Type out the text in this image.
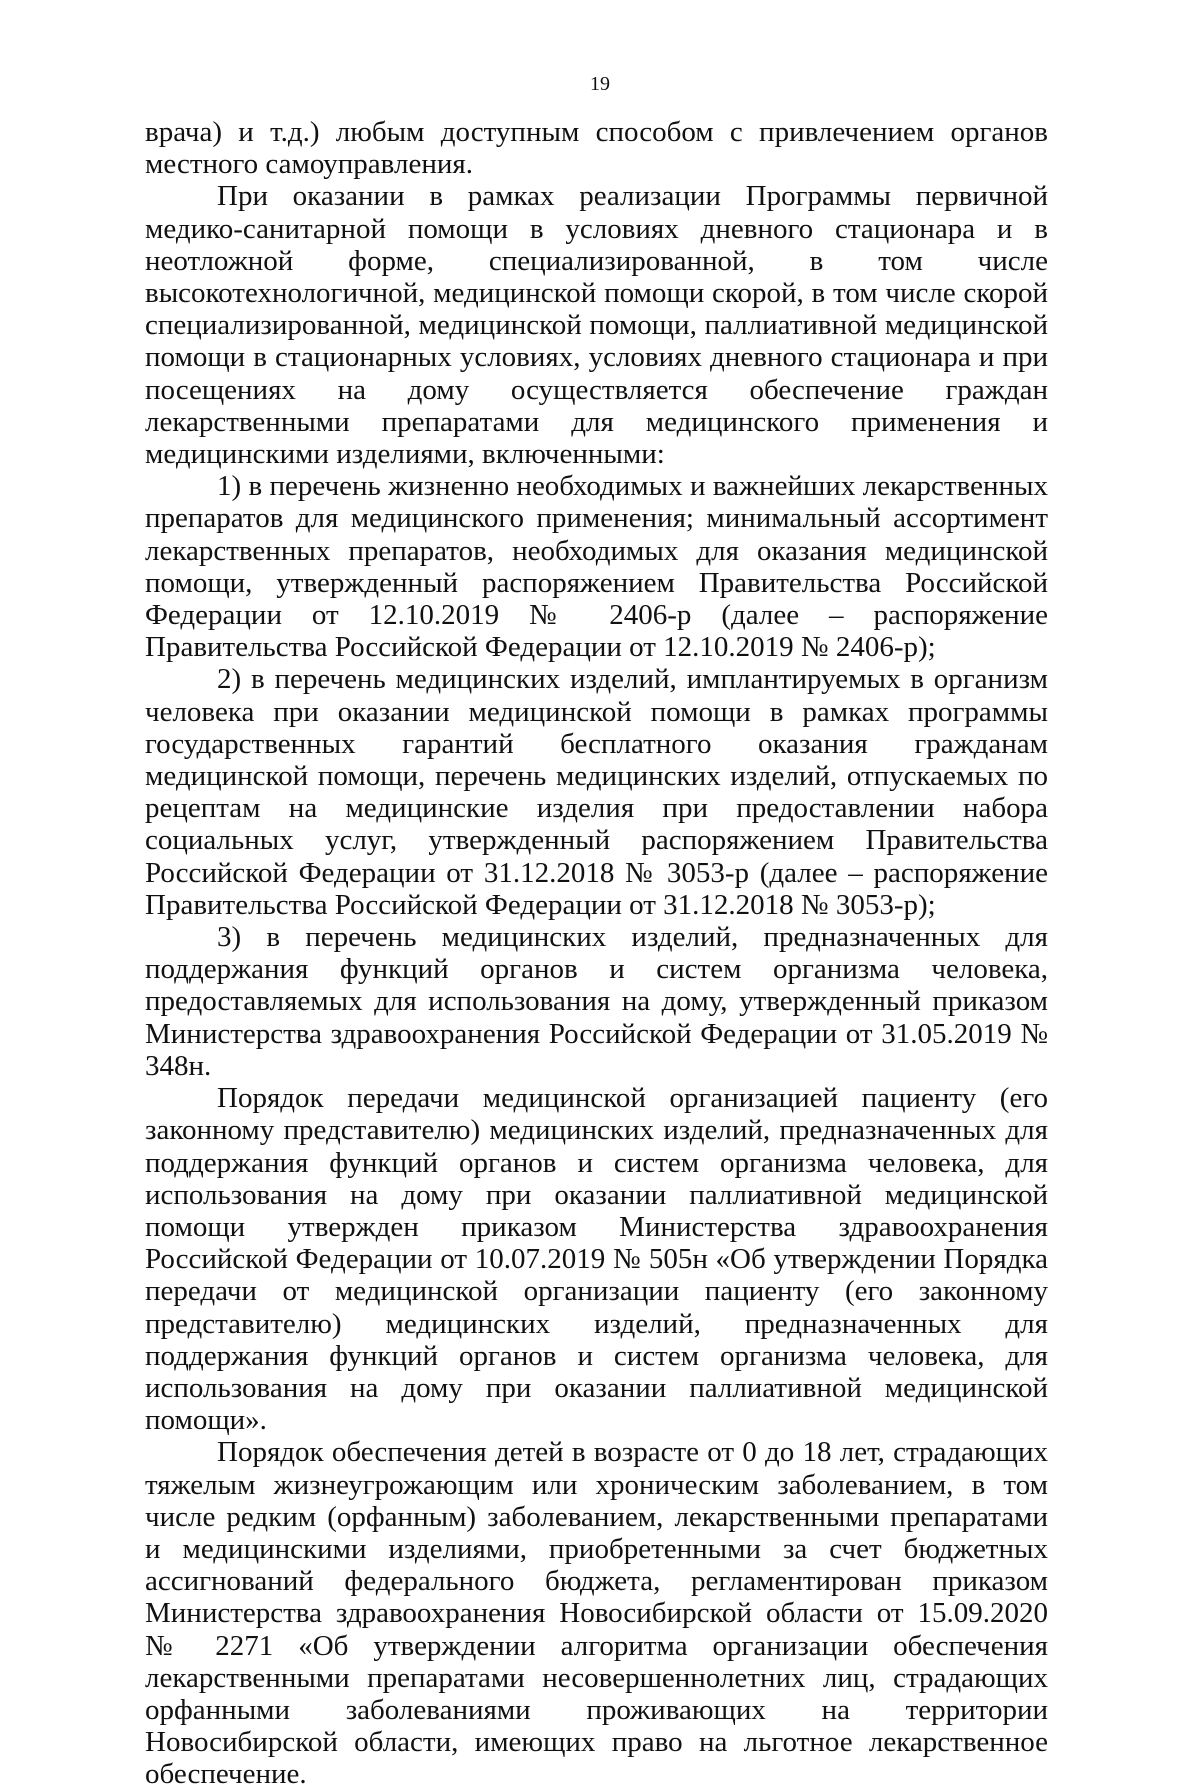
19

врача) и т.д.) любым доступным способом с привлечением органов местного самоуправления.

При оказании в рамках реализации Программы первичной медико-санитарной помощи в условиях дневного стационара и в неотложной форме, специализированной, в том числе высокотехнологичной, медицинской помощи скорой, в том числе скорой специализированной, медицинской помощи, паллиативной медицинской помощи в стационарных условиях, условиях дневного стационара и при посещениях на дому осуществляется обеспечение граждан лекарственными препаратами для медицинского применения и медицинскими изделиями, включенными:

1) в перечень жизненно необходимых и важнейших лекарственных препаратов для медицинского применения; минимальный ассортимент лекарственных препаратов, необходимых для оказания медицинской помощи, утвержденный распоряжением Правительства Российской Федерации от 12.10.2019 № 2406-р (далее – распоряжение Правительства Российской Федерации от 12.10.2019 № 2406-р);

2) в перечень медицинских изделий, имплантируемых в организм человека при оказании медицинской помощи в рамках программы государственных гарантий бесплатного оказания гражданам медицинской помощи, перечень медицинских изделий, отпускаемых по рецептам на медицинские изделия при предоставлении набора социальных услуг, утвержденный распоряжением Правительства Российской Федерации от 31.12.2018 № 3053-р (далее – распоряжение Правительства Российской Федерации от 31.12.2018 № 3053-р);

3) в перечень медицинских изделий, предназначенных для поддержания функций органов и систем организма человека, предоставляемых для использования на дому, утвержденный приказом Министерства здравоохранения Российской Федерации от 31.05.2019 № 348н.

Порядок передачи медицинской организацией пациенту (его законному представителю) медицинских изделий, предназначенных для поддержания функций органов и систем организма человека, для использования на дому при оказании паллиативной медицинской помощи утвержден приказом Министерства здравоохранения Российской Федерации от 10.07.2019 № 505н «Об утверждении Порядка передачи от медицинской организации пациенту (его законному представителю) медицинских изделий, предназначенных для поддержания функций органов и систем организма человека, для использования на дому при оказании паллиативной медицинской помощи».

Порядок обеспечения детей в возрасте от 0 до 18 лет, страдающих тяжелым жизнеугрожающим или хроническим заболеванием, в том числе редким (орфанным) заболеванием, лекарственными препаратами и медицинскими изделиями, приобретенными за счет бюджетных ассигнований федерального бюджета, регламентирован приказом Министерства здравоохранения Новосибирской области от 15.09.2020 № 2271 «Об утверждении алгоритма организации обеспечения лекарственными препаратами несовершеннолетних лиц, страдающих орфанными заболеваниями проживающих на территории Новосибирской области, имеющих право на льготное лекарственное обеспечение.
